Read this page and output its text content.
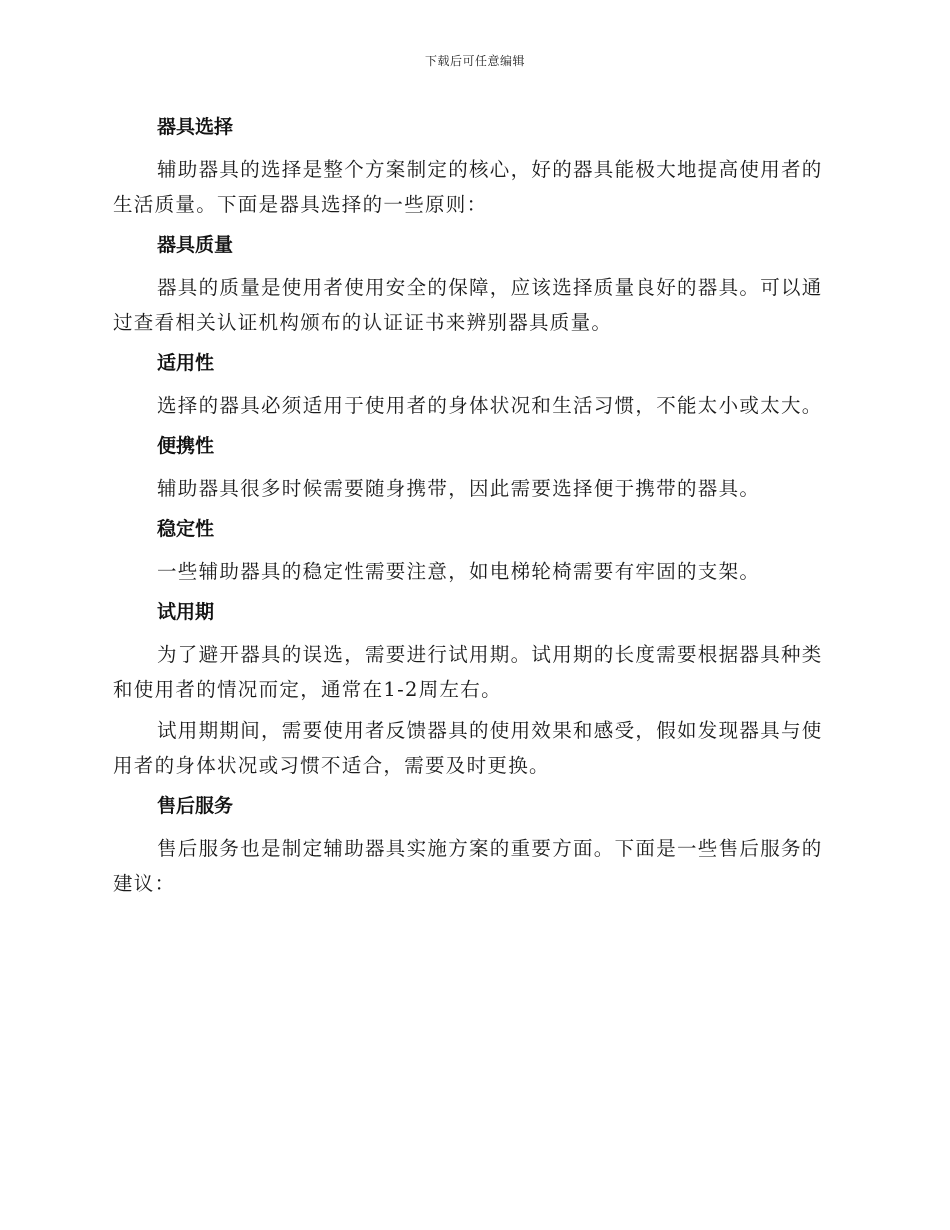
下载后可任意编辑
器具选择

辅助器具的选择是整个方案制定的核心，好的器具能极大地提高使用者的生活质量。下面是器具选择的一些原则：

器具质量

器具的质量是使用者使用安全的保障，应该选择质量良好的器具。可以通过查看相关认证机构颁布的认证证书来辨别器具质量。

适用性

选择的器具必须适用于使用者的身体状况和生活习惯，不能太小或太大。

便携性

辅助器具很多时候需要随身携带，因此需要选择便于携带的器具。

稳定性

一些辅助器具的稳定性需要注意，如电梯轮椅需要有牢固的支架。

试用期

为了避开器具的误选，需要进行试用期。试用期的长度需要根据器具种类和使用者的情况而定，通常在1-2周左右。

试用期期间，需要使用者反馈器具的使用效果和感受，假如发现器具与使用者的身体状况或习惯不适合，需要及时更换。

售后服务

售后服务也是制定辅助器具实施方案的重要方面。下面是一些售后服务的建议：
